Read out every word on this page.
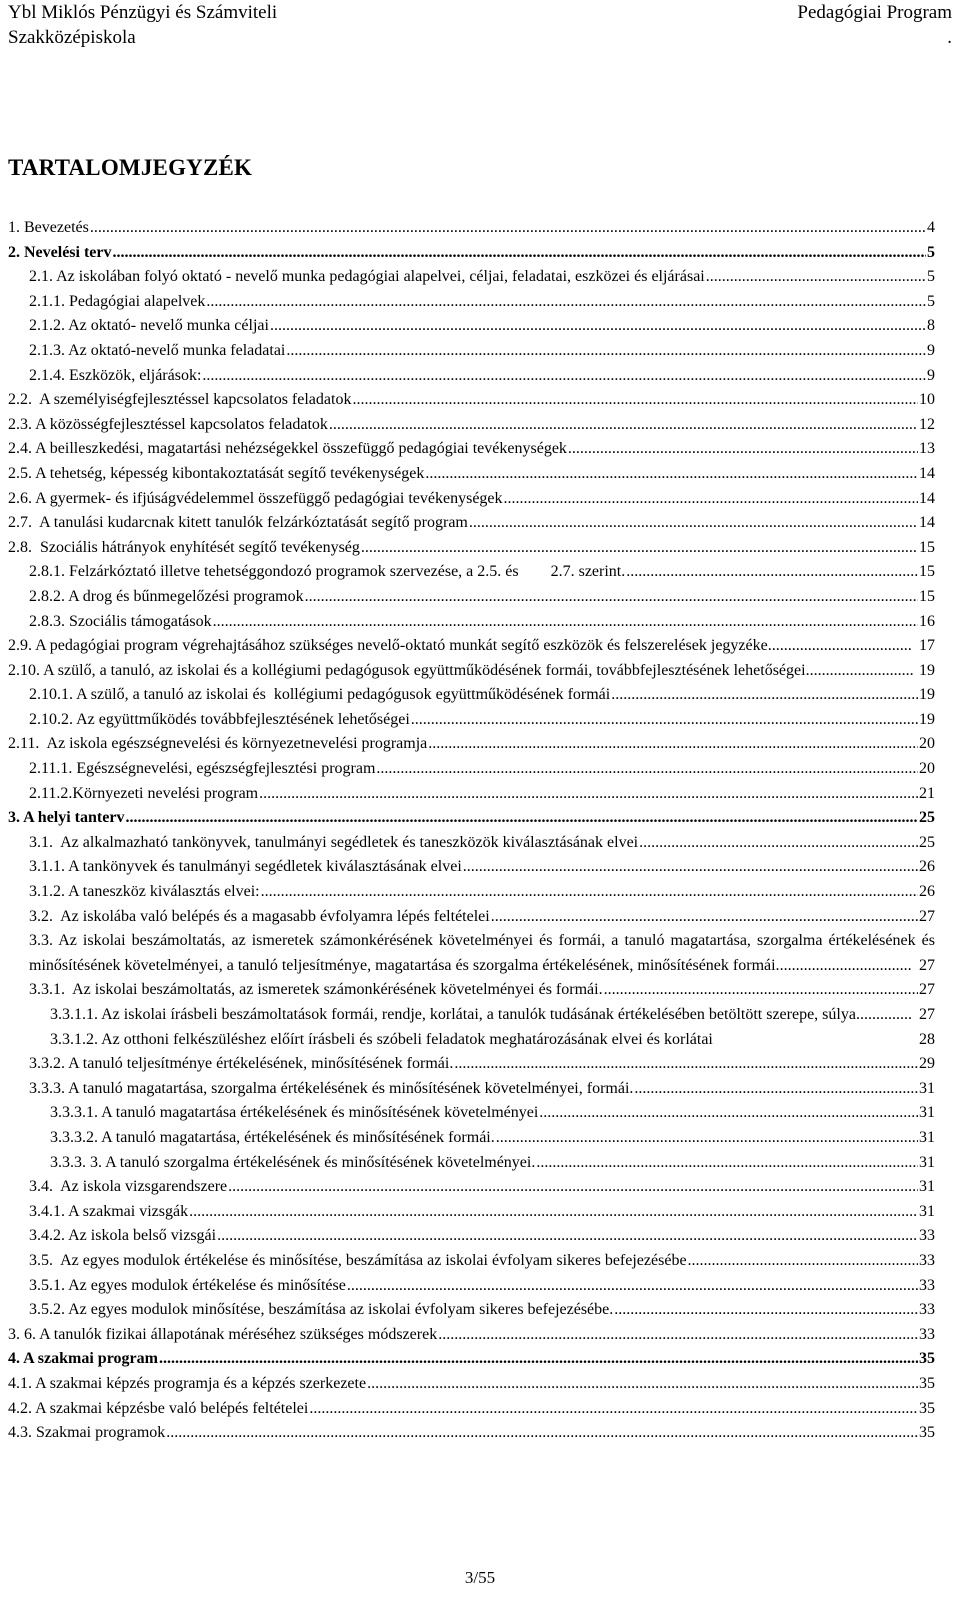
Ybl Miklós Pénzügyi és Számviteli
Szakközépiskola
Pedagógiai Program
.
TARTALOMJEGYZÉK
1. Bevezetés .....	4
2. Nevelési terv .....	5
2.1. Az iskolában folyó oktató - nevelő munka pedagógiai alapelvei, céljai, feladatai, eszközei és eljárásai .....	5
2.1.1. Pedagógiai alapelvek .....	5
2.1.2. Az oktató- nevelő munka céljai .....	8
2.1.3. Az oktató-nevelő munka feladatai .....	9
2.1.4. Eszközök, eljárások: .....	9
2.2.  A személyiségfejlesztéssel kapcsolatos feladatok .....	10
2.3. A közösségfejlesztéssel kapcsolatos feladatok .....	12
2.4. A beilleszkedési, magatartási nehézségekkel összefüggő pedagógiai tevékenységek .....	13
2.5. A tehetség, képesség kibontakoztatását segítő tevékenységek .....	14
2.6. A gyermek- és ifjúságvédelemmel összefüggő pedagógiai tevékenységek .....	14
2.7.  A tanulási kudarcnak kitett tanulók felzárkóztatását segítő program .....	14
2.8.  Szociális hátrányok enyhítését segítő tevékenység .....	15
2.8.1. Felzárkóztató illetve tehetséggondozó programok szervezése, a 2.5. és        2.7. szerint. .....	15
2.8.2. A drog és bűnmegelőzési programok .....	15
2.8.3. Szociális támogatások .....	16
2.9. A pedagógiai program végrehajtásához szükséges nevelő-oktató munkát segítő eszközök és felszerelések jegyzéke.................................... 17
2.10. A szülő, a tanuló, az iskolai és a kollégiumi pedagógusok együttműködésének formái, továbbfejlesztésének lehetőségei........................... 19
2.10.1. A szülő, a tanuló az iskolai és  kollégiumi pedagógusok együttműködésének formái .....	19
2.10.2. Az együttműködés továbbfejlesztésének lehetőségei .....	19
2.11.  Az iskola egészségnevelési és környezetnevelési programja .....	20
2.11.1. Egészségnevelési, egészségfejlesztési program .....	20
2.11.2.Környezeti nevelési program .....	21
3. A helyi tanterv .....	25
3.1.  Az alkalmazható tankönyvek, tanulmányi segédletek és taneszközök kiválasztásának elvei .....	25
3.1.1. A tankönyvek és tanulmányi segédletek kiválasztásának elvei .....	26
3.1.2. A taneszköz kiválasztás elvei: .....	26
3.2.  Az iskolába való belépés és a magasabb évfolyamra lépés feltételei .....	27
3.3. Az iskolai beszámoltatás, az ismeretek számonkérésének követelményei és formái, a tanuló magatartása, szorgalma értékelésének és minősítésének követelményei, a tanuló teljesítménye, magatartása és szorgalma értékelésének, minősítésének formái.................................. 27
3.3.1.  Az iskolai beszámoltatás, az ismeretek számonkérésének követelményei és formái. .....	27
3.3.1.1. Az iskolai írásbeli beszámoltatások formái, rendje, korlátai, a tanulók tudásának értékelésében betöltött szerepe, súlya.............. 27
3.3.1.2. Az otthoni felkészüléshez előírt írásbeli és szóbeli feladatok meghatározásának elvei és korlátai	28
3.3.2. A tanuló teljesítménye értékelésének, minősítésének formái. .....	29
3.3.3. A tanuló magatartása, szorgalma értékelésének és minősítésének követelményei, formái. .....	31
3.3.3.1. A tanuló magatartása értékelésének és minősítésének követelményei .....	31
3.3.3.2. A tanuló magatartása, értékelésének és minősítésének formái. .....	31
3.3.3. 3. A tanuló szorgalma értékelésének és minősítésének követelményei. .....	31
3.4.  Az iskola vizsgarendszere .....	31
3.4.1. A szakmai vizsgák .....	31
3.4.2. Az iskola belső vizsgái .....	33
3.5.  Az egyes modulok értékelése és minősítése, beszámítása az iskolai évfolyam sikeres befejezésébe .....	33
3.5.1. Az egyes modulok értékelése és minősítése .....	33
3.5.2. Az egyes modulok minősítése, beszámítása az iskolai évfolyam sikeres befejezésébe. .....	33
3. 6. A tanulók fizikai állapotának méréséhez szükséges módszerek .....	33
4. A szakmai program .....	35
4.1. A szakmai képzés programja és a képzés szerkezete .....	35
4.2. A szakmai képzésbe való belépés feltételei .....	35
4.3. Szakmai programok .....	35
3/55
